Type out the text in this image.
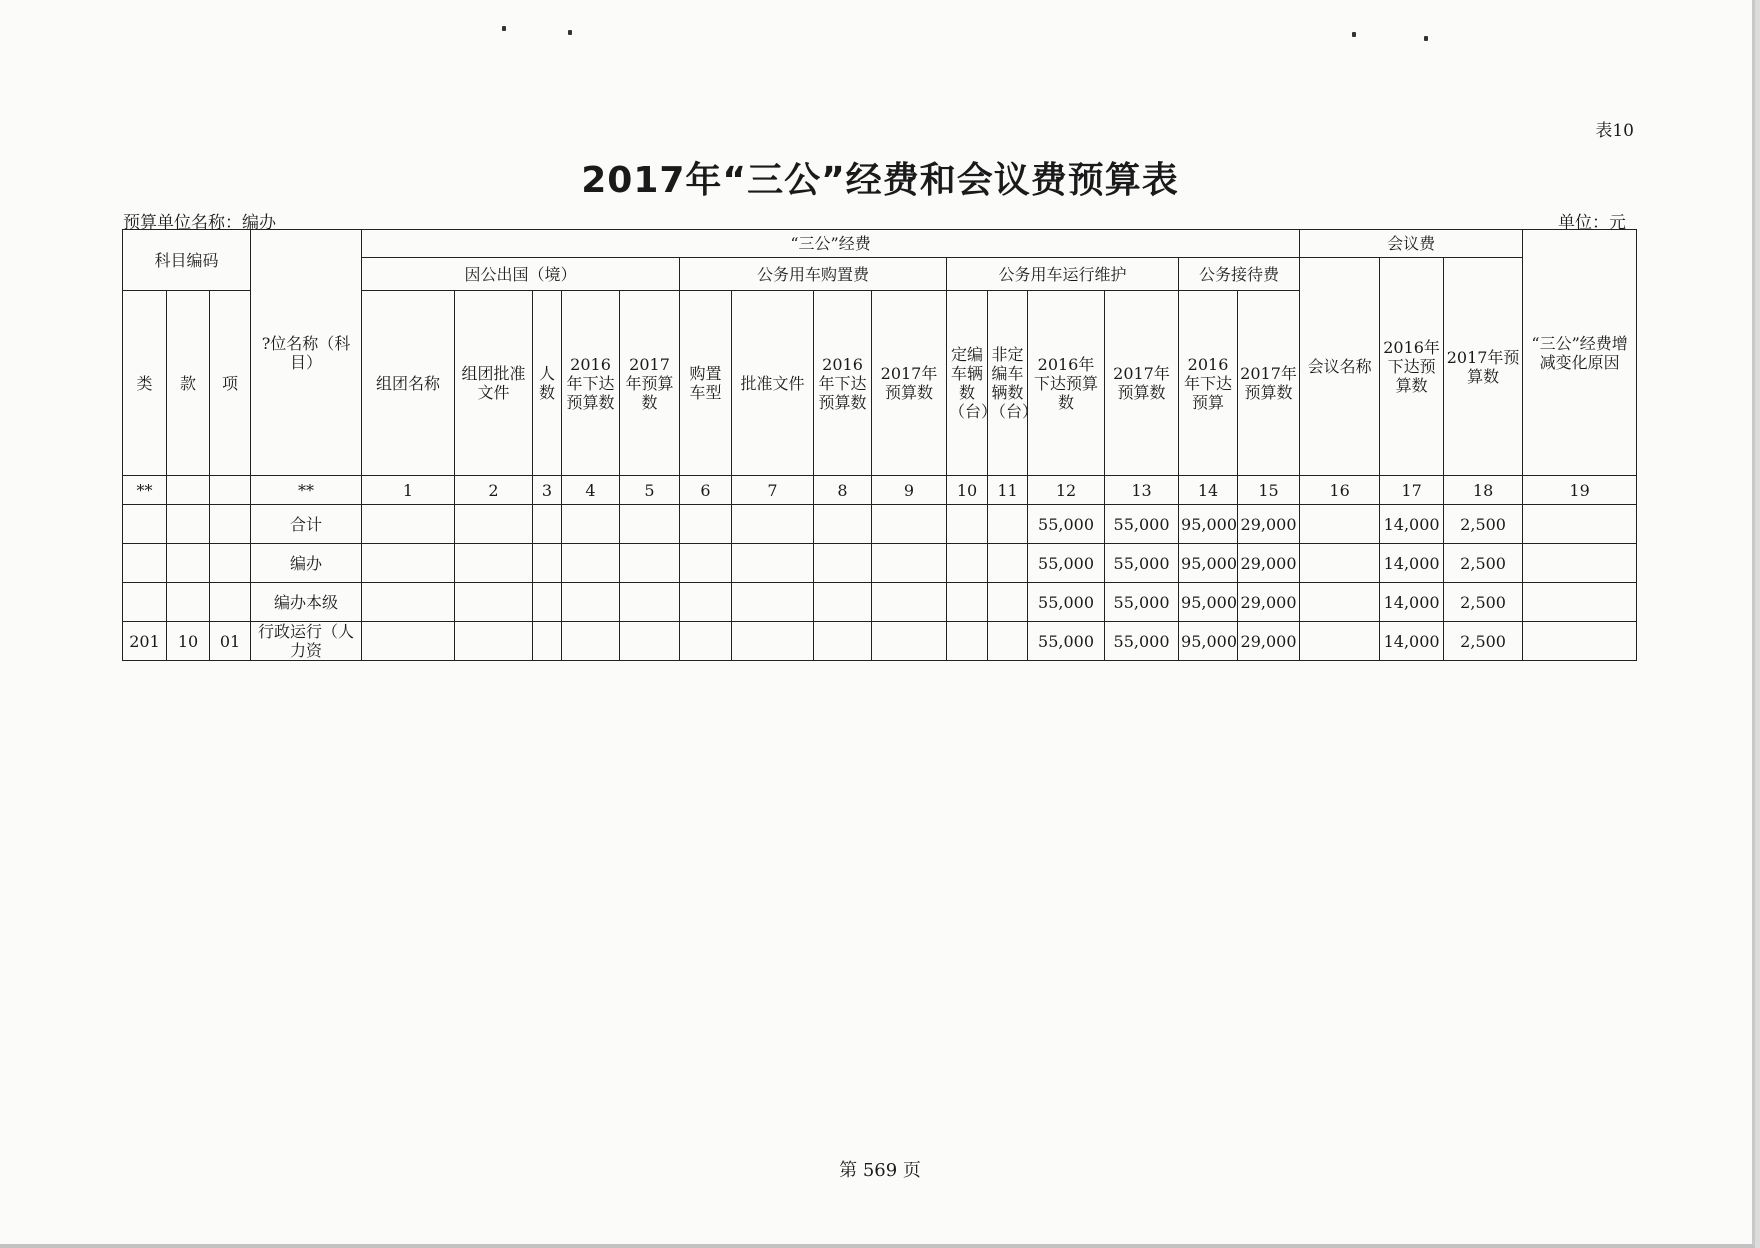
表10
2017年“三公”经费和会议费预算表
预算单位名称：编办	单位：元
科目编码			?位名称（科目）	“三公”经费															会议费			“三公”经费增减变化原因
				因公出国（境）					公务用车购置费				公务用车运行维护				公务接待费		会议名称	2016年下达预算数	2017年预算数	
类	款	项		组团名称	组团批准文件	人数	2016年下达预算数	2017年预算数	购置车型	批准文件	2016年下达预算数	2017年预算数	定编车辆数（台）	非定编车辆数（台）	2016年下达预算数	2017年预算数	2016年下达预算	2017年预算数				
**			**	1	2	3	4	5	6	7	8	9	10	11	12	13	14	15	16	17	18	19
			合计												55,000	55,000	95,000	29,000		14,000	2,500	
			编办												55,000	55,000	95,000	29,000		14,000	2,500	
			编办本级												55,000	55,000	95,000	29,000		14,000	2,500	
201	10	01	行政运行（人力资												55,000	55,000	95,000	29,000		14,000	2,500	
第 569 页
